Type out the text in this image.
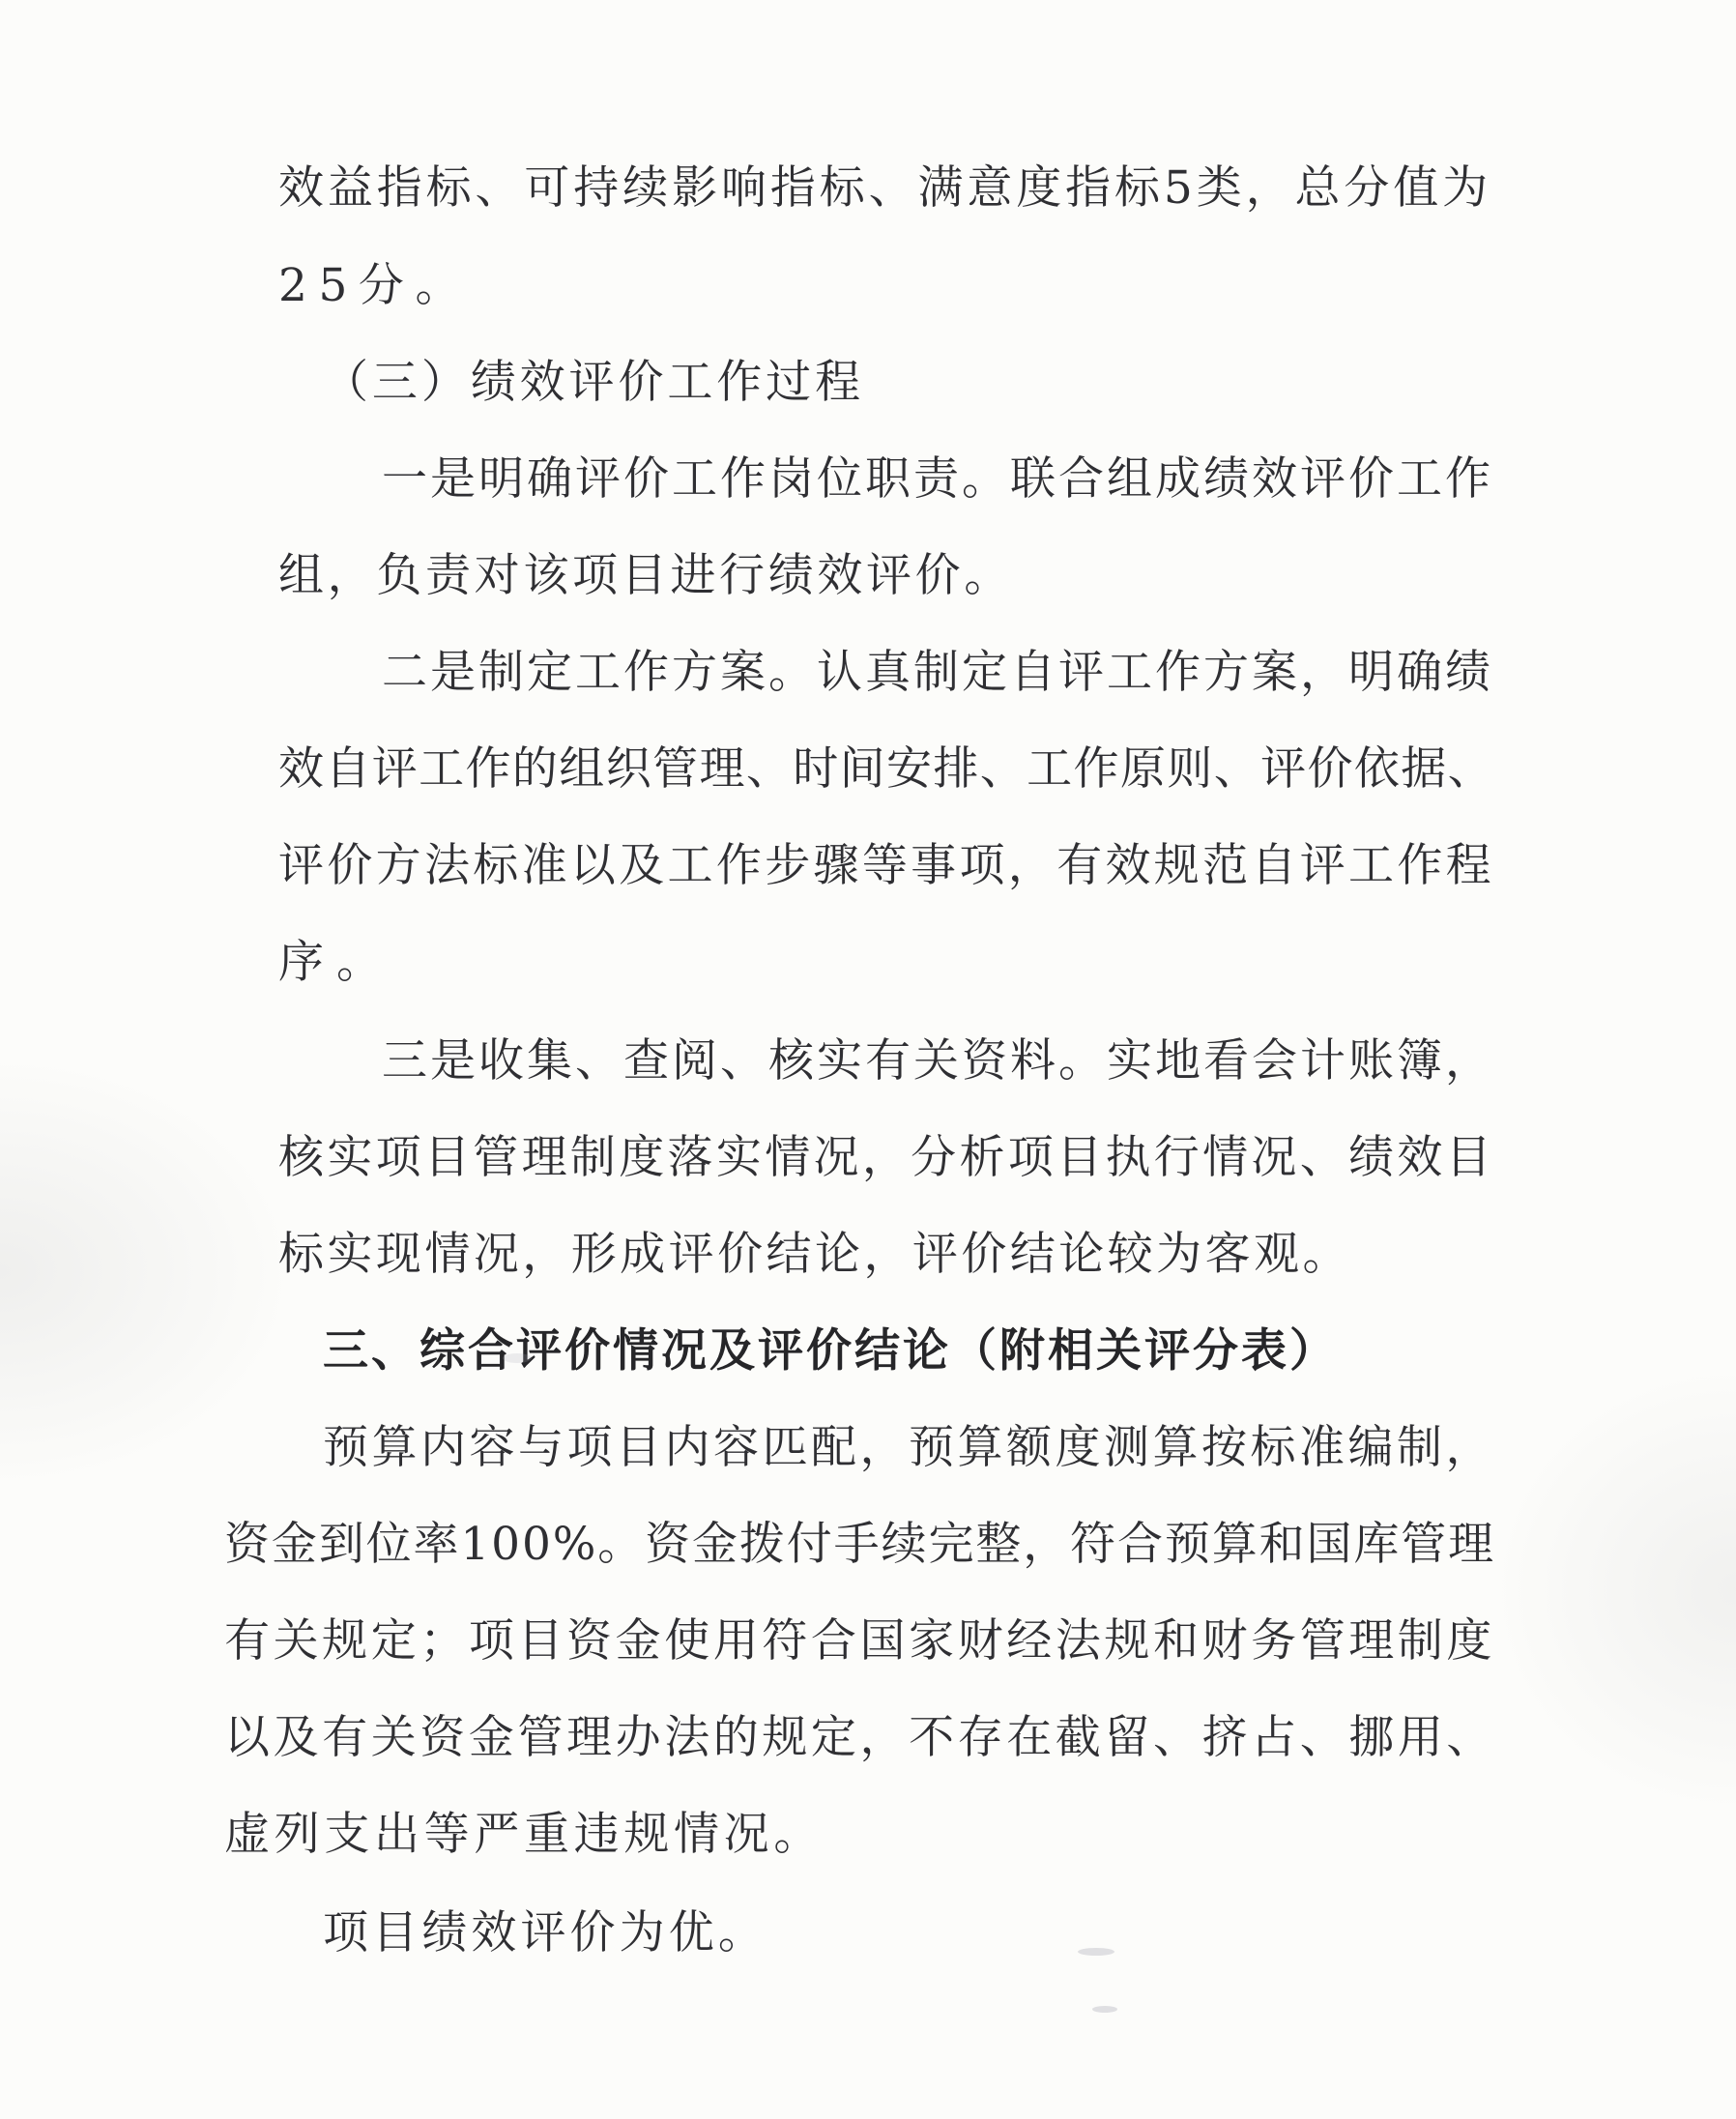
效益指标、可持续影响指标、满意度指标5类，总分值为
25分。
（三）绩效评价工作过程
一是明确评价工作岗位职责。联合组成绩效评价工作
组，负责对该项目进行绩效评价。
二是制定工作方案。认真制定自评工作方案，明确绩
效自评工作的组织管理、时间安排、工作原则、评价依据、
评价方法标准以及工作步骤等事项，有效规范自评工作程
序。
三是收集、查阅、核实有关资料。实地看会计账簿，
核实项目管理制度落实情况，分析项目执行情况、绩效目
标实现情况，形成评价结论，评价结论较为客观。
三、综合评价情况及评价结论（附相关评分表）
预算内容与项目内容匹配，预算额度测算按标准编制，
资金到位率100%。资金拨付手续完整，符合预算和国库管理
有关规定；项目资金使用符合国家财经法规和财务管理制度
以及有关资金管理办法的规定，不存在截留、挤占、挪用、
虚列支出等严重违规情况。
项目绩效评价为优。
